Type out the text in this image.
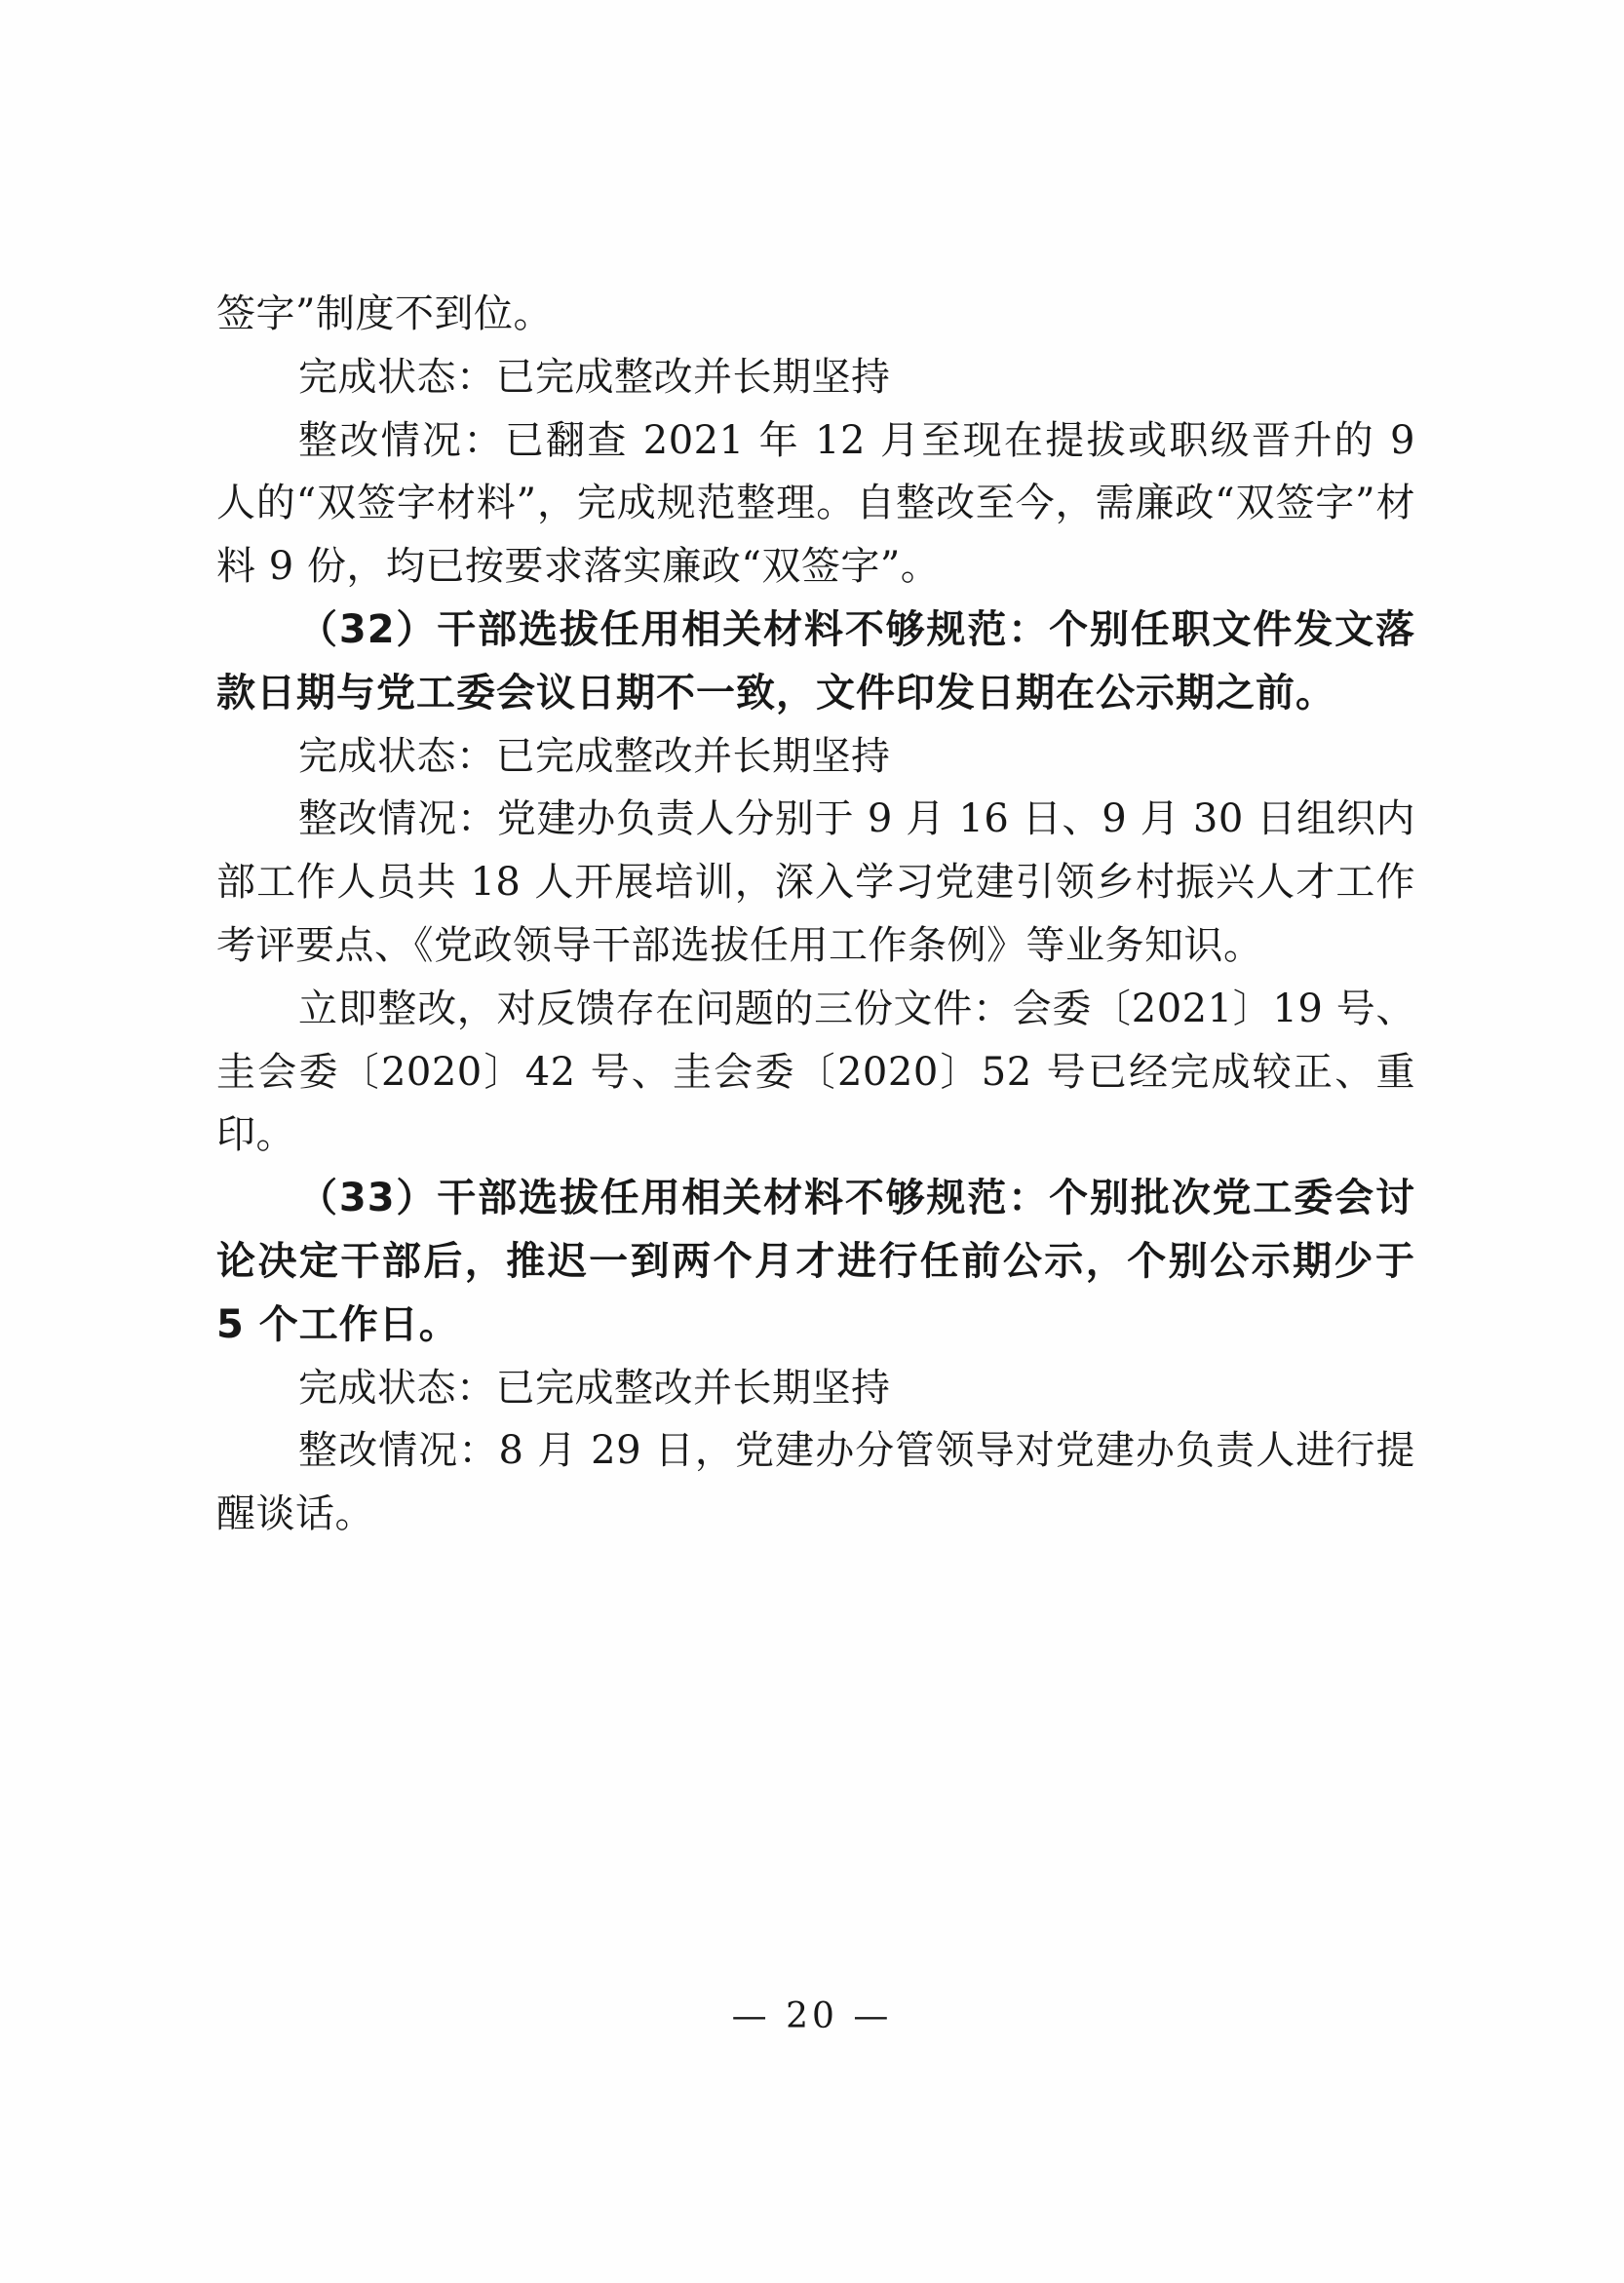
签字”制度不到位。

完成状态：已完成整改并长期坚持

整改情况：已翻查 2021 年 12 月至现在提拔或职级晋升的 9 人的“双签字材料”，完成规范整理。自整改至今，需廉政“双签字”材料 9 份，均已按要求落实廉政“双签字”。

（32）干部选拔任用相关材料不够规范：个别任职文件发文落款日期与党工委会议日期不一致，文件印发日期在公示期之前。

完成状态：已完成整改并长期坚持

整改情况：党建办负责人分别于 9 月 16 日、9 月 30 日组织内部工作人员共 18 人开展培训，深入学习党建引领乡村振兴人才工作考评要点、《党政领导干部选拔任用工作条例》等业务知识。

立即整改，对反馈存在问题的三份文件：会委〔2021〕19 号、圭会委〔2020〕42 号、圭会委〔2020〕52 号已经完成较正、重印。

（33）干部选拔任用相关材料不够规范：个别批次党工委会讨论决定干部后，推迟一到两个月才进行任前公示，个别公示期少于 5 个工作日。

完成状态：已完成整改并长期坚持

整改情况：8 月 29 日，党建办分管领导对党建办负责人进行提醒谈话。

— 20 —
